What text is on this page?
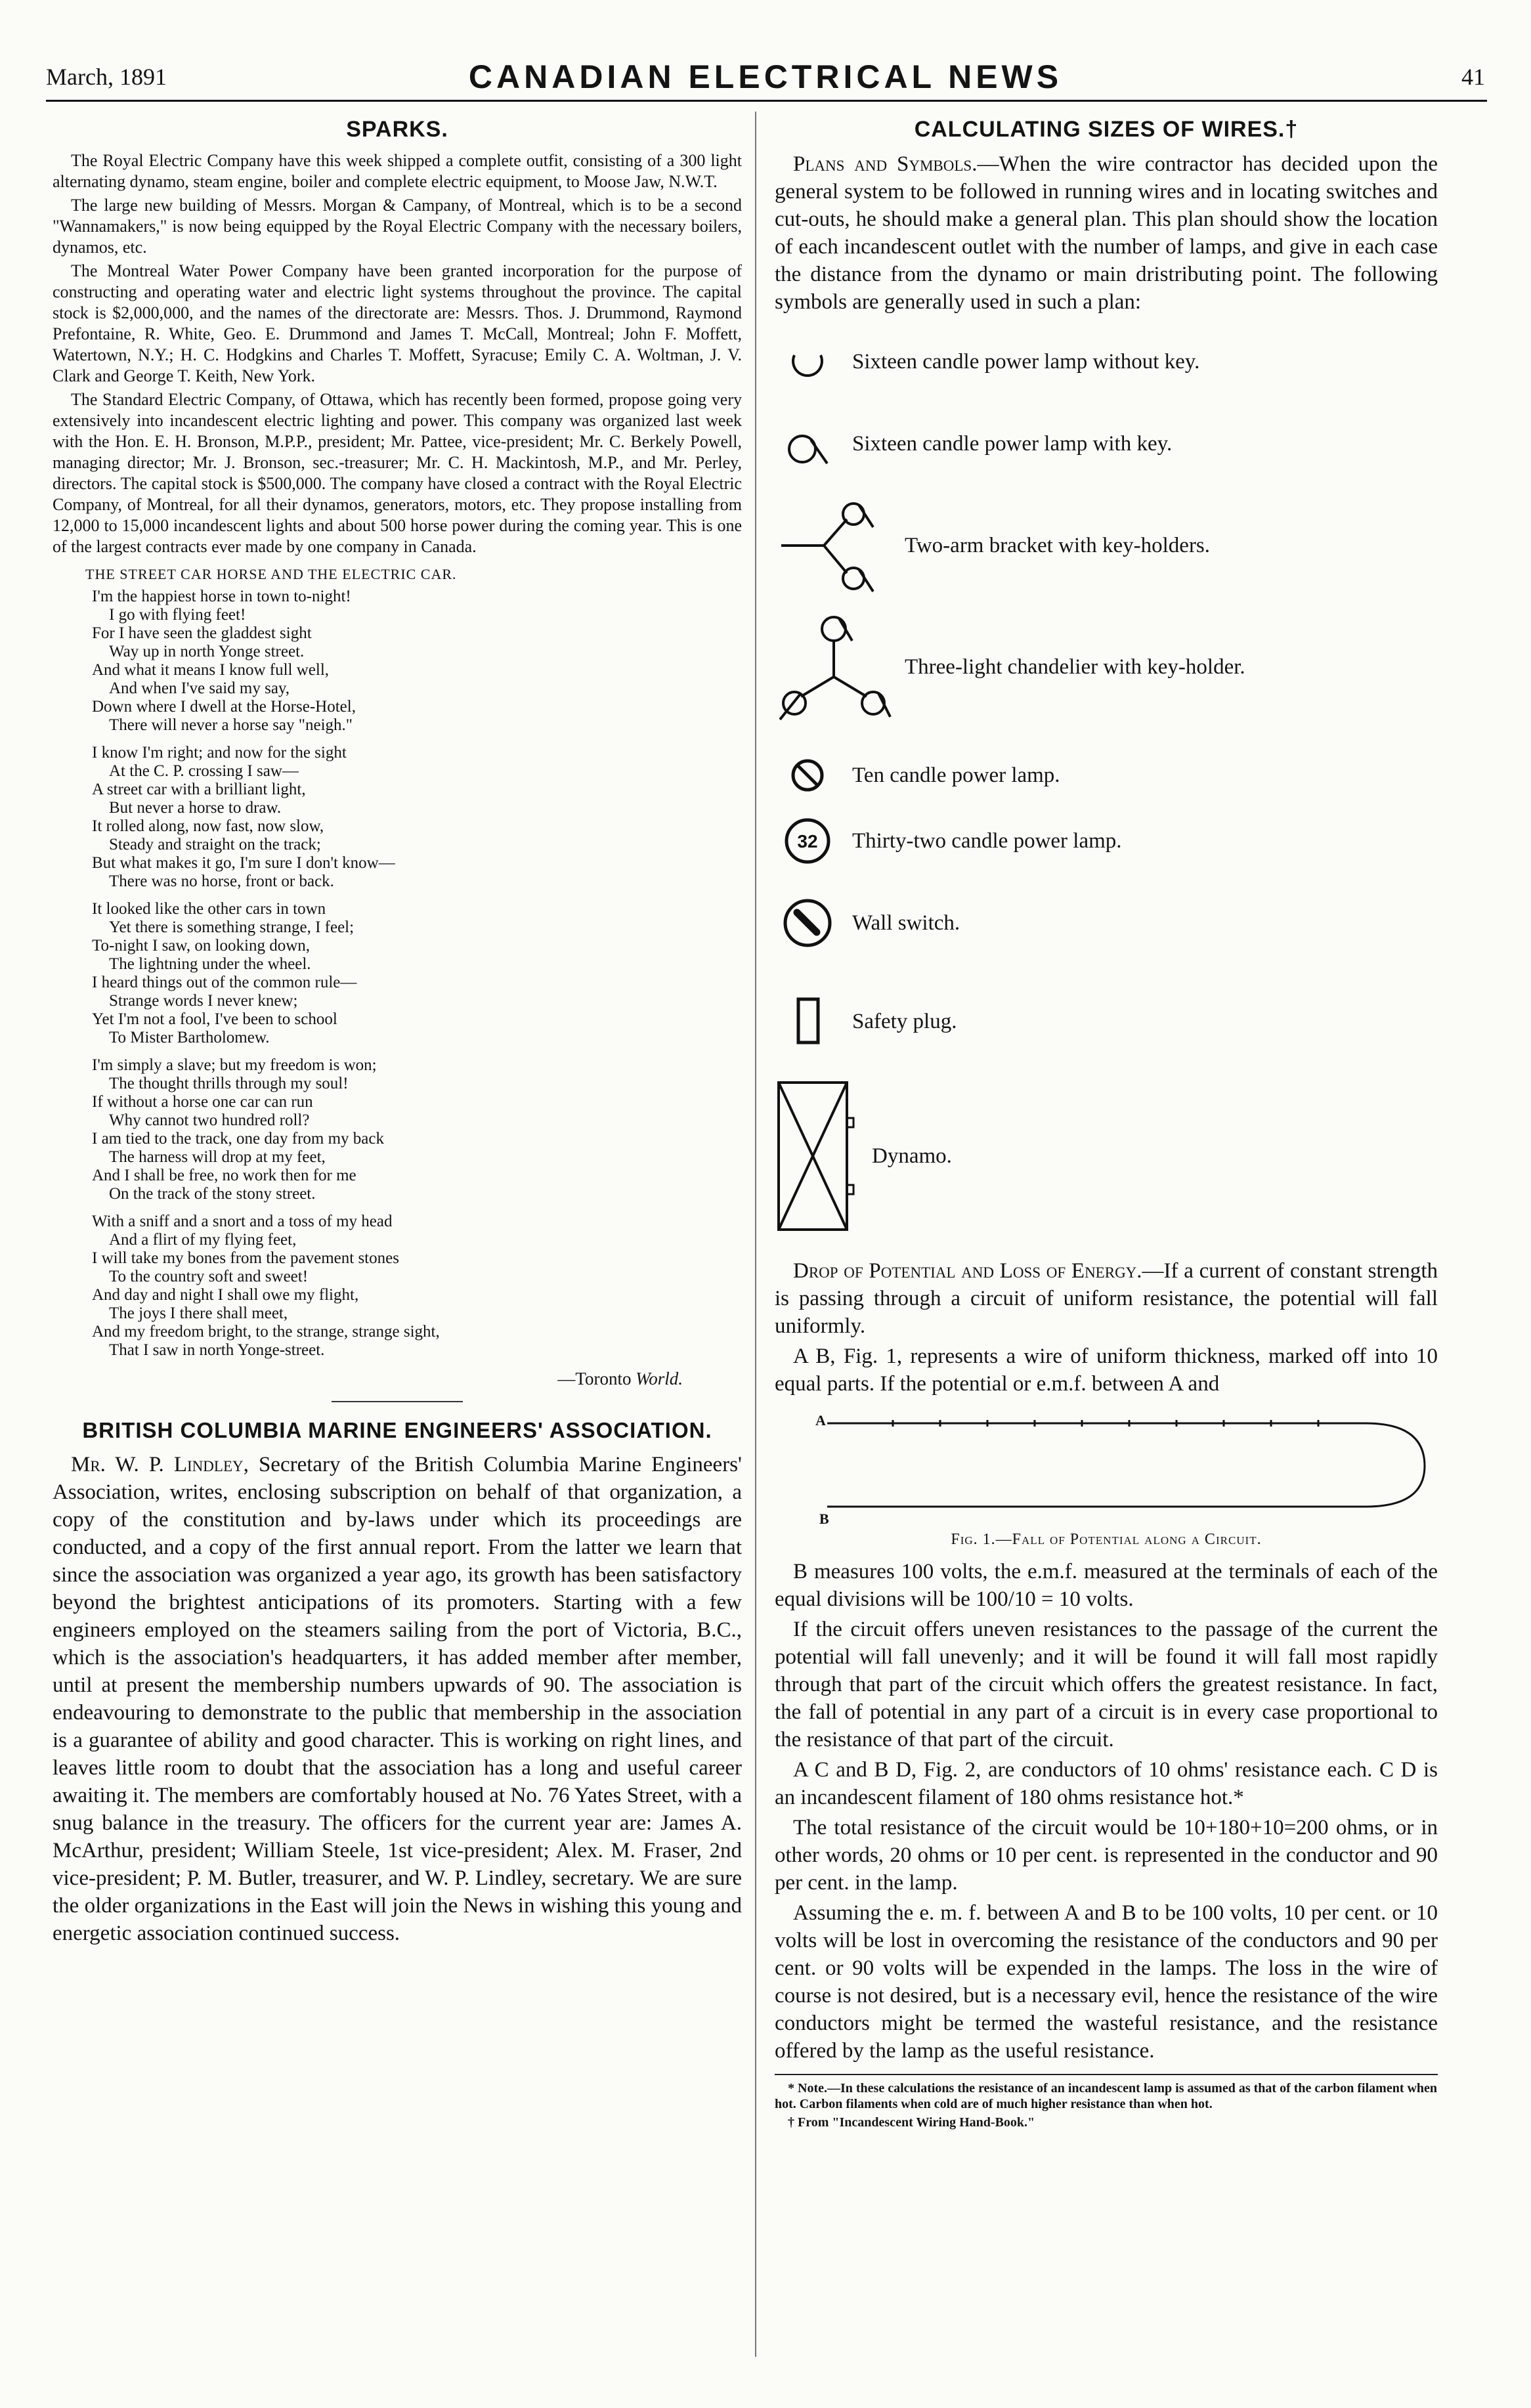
March, 1891	CANADIAN ELECTRICAL NEWS	41
SPARKS.

The Royal Electric Company have this week shipped a complete outfit, consisting of a 300 light alternating dynamo, steam engine, boiler and complete electric equipment, to Moose Jaw, N.W.T.

The large new building of Messrs. Morgan & Campany, of Montreal, which is to be a second "Wannamakers," is now being equipped by the Royal Electric Company with the necessary boilers, dynamos, etc.

The Montreal Water Power Company have been granted incorporation for the purpose of constructing and operating water and electric light systems throughout the province. The capital stock is $2,000,000, and the names of the directorate are: Messrs. Thos. J. Drummond, Raymond Prefontaine, R. White, Geo. E. Drummond and James T. McCall, Montreal; John F. Moffett, Watertown, N.Y.; H. C. Hodgkins and Charles T. Moffett, Syracuse; Emily C. A. Woltman, J. V. Clark and George T. Keith, New York.

The Standard Electric Company, of Ottawa, which has recently been formed, propose going very extensively into incandescent electric lighting and power. This company was organized last week with the Hon. E. H. Bronson, M.P.P., president; Mr. Pattee, vice-president; Mr. C. Berkely Powell, managing director; Mr. J. Bronson, sec.-treasurer; Mr. C. H. Mackintosh, M.P., and Mr. Perley, directors. The capital stock is $500,000. The company have closed a contract with the Royal Electric Company, of Montreal, for all their dynamos, generators, motors, etc. They propose installing from 12,000 to 15,000 incandescent lights and about 500 horse power during the coming year. This is one of the largest contracts ever made by one company in Canada.

THE STREET CAR HORSE AND THE ELECTRIC CAR.
I'm the happiest horse in town to-night!
I go with flying feet!
For I have seen the gladdest sight
Way up in north Yonge street.
And what it means I know full well,
And when I've said my say,
Down where I dwell at the Horse-Hotel,
There will never a horse say "neigh."
I know I'm right; and now for the sight
At the C. P. crossing I saw—
A street car with a brilliant light,
But never a horse to draw.
It rolled along, now fast, now slow,
Steady and straight on the track;
But what makes it go, I'm sure I don't know—
There was no horse, front or back.
It looked like the other cars in town
Yet there is something strange, I feel;
To-night I saw, on looking down,
The lightning under the wheel.
I heard things out of the common rule—
Strange words I never knew;
Yet I'm not a fool, I've been to school
To Mister Bartholomew.
I'm simply a slave; but my freedom is won;
The thought thrills through my soul!
If without a horse one car can run
Why cannot two hundred roll?
I am tied to the track, one day from my back
The harness will drop at my feet,
And I shall be free, no work then for me
On the track of the stony street.
With a sniff and a snort and a toss of my head
And a flirt of my flying feet,
I will take my bones from the pavement stones
To the country soft and sweet!
And day and night I shall owe my flight,
The joys I there shall meet,
And my freedom bright, to the strange, strange sight,
That I saw in north Yonge-street.
—Toronto World.
BRITISH COLUMBIA MARINE ENGINEERS' ASSOCIATION.

Mr. W. P. Lindley, Secretary of the British Columbia Marine Engineers' Association, writes, enclosing subscription on behalf of that organization, a copy of the constitution and by-laws under which its proceedings are conducted, and a copy of the first annual report. From the latter we learn that since the association was organized a year ago, its growth has been satisfactory beyond the brightest anticipations of its promoters. Starting with a few engineers employed on the steamers sailing from the port of Victoria, B.C., which is the association's headquarters, it has added member after member, until at present the membership numbers upwards of 90. The association is endeavouring to demonstrate to the public that membership in the association is a guarantee of ability and good character. This is working on right lines, and leaves little room to doubt that the association has a long and useful career awaiting it. The members are comfortably housed at No. 76 Yates Street, with a snug balance in the treasury. The officers for the current year are: James A. McArthur, president; William Steele, 1st vice-president; Alex. M. Fraser, 2nd vice-president; P. M. Butler, treasurer, and W. P. Lindley, secretary. We are sure the older organizations in the East will join the News in wishing this young and energetic association continued success.

CALCULATING SIZES OF WIRES.†

Plans and Symbols.—When the wire contractor has decided upon the general system to be followed in running wires and in locating switches and cut-outs, he should make a general plan. This plan should show the location of each incandescent outlet with the number of lamps, and give in each case the distance from the dynamo or main dristributing point. The following symbols are generally used in such a plan:

Sixteen candle power lamp without key.
Sixteen candle power lamp with key.
Two-arm bracket with key-holders.
Three-light chandelier with key-holder.
Ten candle power lamp.
32 Thirty-two candle power lamp.
Wall switch.
Safety plug.
Dynamo.

Drop of Potential and Loss of Energy.—If a current of constant strength is passing through a circuit of uniform resistance, the potential will fall uniformly.

A B, Fig. 1, represents a wire of uniform thickness, marked off into 10 equal parts. If the potential or e.m.f. between A and

A
B
Fig. 1.—Fall of Potential along a Circuit.

B measures 100 volts, the e.m.f. measured at the terminals of each of the equal divisions will be 100/10 = 10 volts.

If the circuit offers uneven resistances to the passage of the current the potential will fall unevenly; and it will be found it will fall most rapidly through that part of the circuit which offers the greatest resistance. In fact, the fall of potential in any part of a circuit is in every case proportional to the resistance of that part of the circuit.

A C and B D, Fig. 2, are conductors of 10 ohms' resistance each. C D is an incandescent filament of 180 ohms resistance hot.*

The total resistance of the circuit would be 10+180+10=200 ohms, or in other words, 20 ohms or 10 per cent. is represented in the conductor and 90 per cent. in the lamp.

Assuming the e. m. f. between A and B to be 100 volts, 10 per cent. or 10 volts will be lost in overcoming the resistance of the conductors and 90 per cent. or 90 volts will be expended in the lamps. The loss in the wire of course is not desired, but is a necessary evil, hence the resistance of the wire conductors might be termed the wasteful resistance, and the resistance offered by the lamp as the useful resistance.

* Note.—In these calculations the resistance of an incandescent lamp is assumed as that of the carbon filament when hot. Carbon filaments when cold are of much higher resistance than when hot.

† From "Incandescent Wiring Hand-Book."
